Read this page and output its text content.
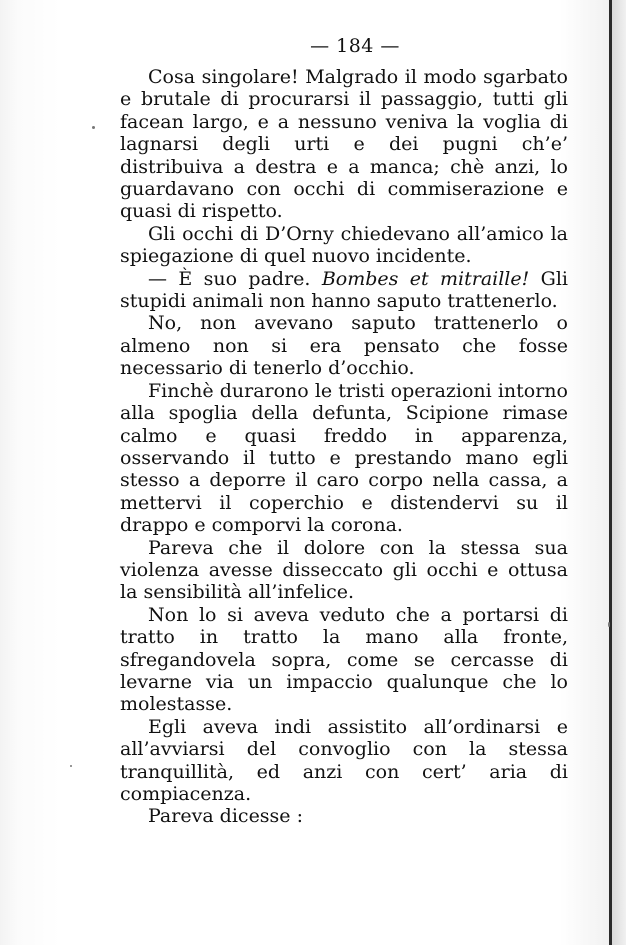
— 184 —

Cosa singolare! Malgrado il modo sgarbato e brutale di procurarsi il passaggio, tutti gli facean largo, e a nessuno veniva la voglia di lagnarsi degli urti e dei pugni ch’e’ distribuiva a destra e a manca; chè anzi, lo guardavano con occhi di commiserazione e quasi di rispetto.

Gli occhi di D’Orny chiedevano all’amico la spiegazione di quel nuovo incidente.

— È suo padre. Bombes et mitraille! Gli stupidi animali non hanno saputo trattenerlo.

No, non avevano saputo trattenerlo o almeno non si era pensato che fosse necessario di tenerlo d’occhio.

Finchè durarono le tristi operazioni intorno alla spoglia della defunta, Scipione rimase calmo e quasi freddo in apparenza, osservando il tutto e prestando mano egli stesso a deporre il caro corpo nella cassa, a mettervi il coperchio e distendervi su il drappo e comporvi la corona.

Pareva che il dolore con la stessa sua violenza avesse disseccato gli occhi e ottusa la sensibilità all’infelice.

Non lo si aveva veduto che a portarsi di tratto in tratto la mano alla fronte, sfregandovela sopra, come se cercasse di levarne via un impaccio qualunque che lo molestasse.

Egli aveva indi assistito all’ordinarsi e all’avviarsi del convoglio con la stessa tranquillità, ed anzi con cert’ aria di compiacenza.

Pareva dicesse :
